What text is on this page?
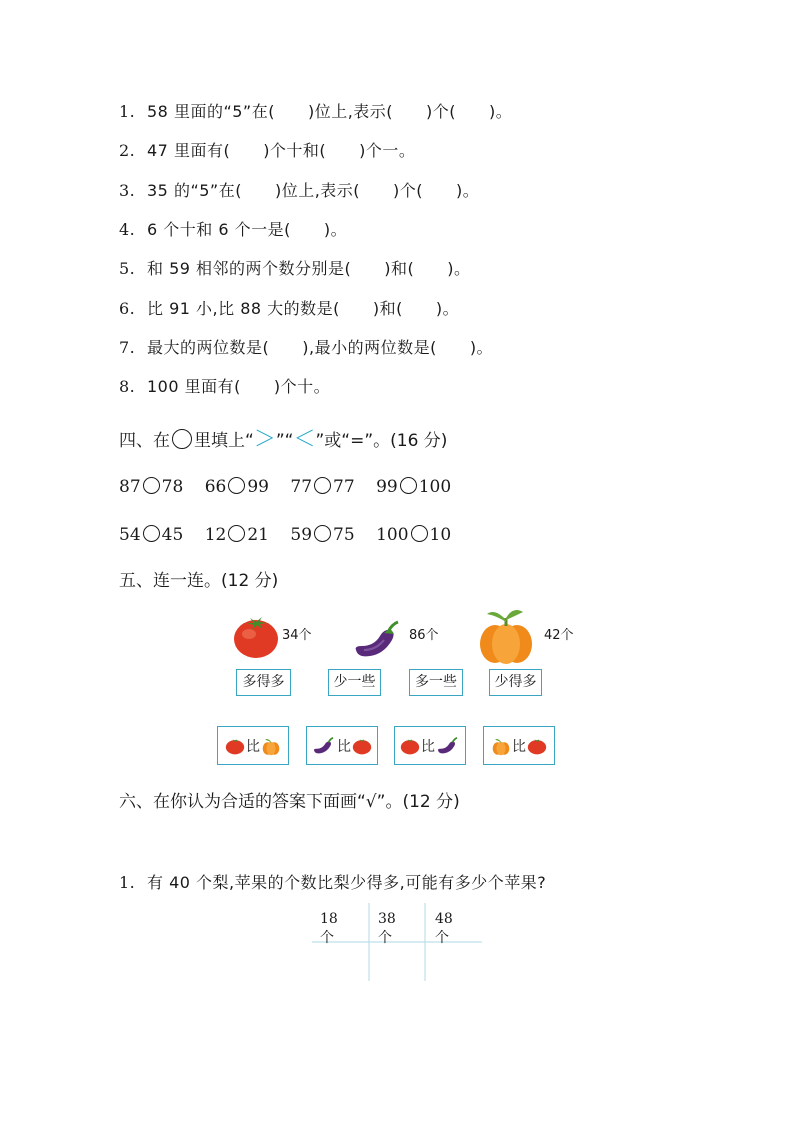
1. 58 里面的“5”在(　　)位上,表示(　　)个(　　)。
2. 47 里面有(　　)个十和(　　)个一。
3. 35 的“5”在(　　)位上,表示(　　)个(　　)。
4. 6 个十和 6 个一是(　　)。
5. 和 59 相邻的两个数分别是(　　)和(　　)。
6. 比 91 小,比 88 大的数是(　　)和(　　)。
7. 最大的两位数是(　　),最小的两位数是(　　)。
8. 100 里面有(　　)个十。
四、在 里填上“＞”“＜”或“=”。(16 分)
87 78 66 99 77 77 99 100
54 45 12 21 59 75 100 10
五、连一连。(12 分)
34个	86个	42个
多得多	少一些	多一些	少得多
比	比	比	比
六、在你认为合适的答案下面画“√”。(12 分)
1. 有 40 个梨,苹果的个数比梨少得多,可能有多少个苹果?
18 个
38 个
48 个
